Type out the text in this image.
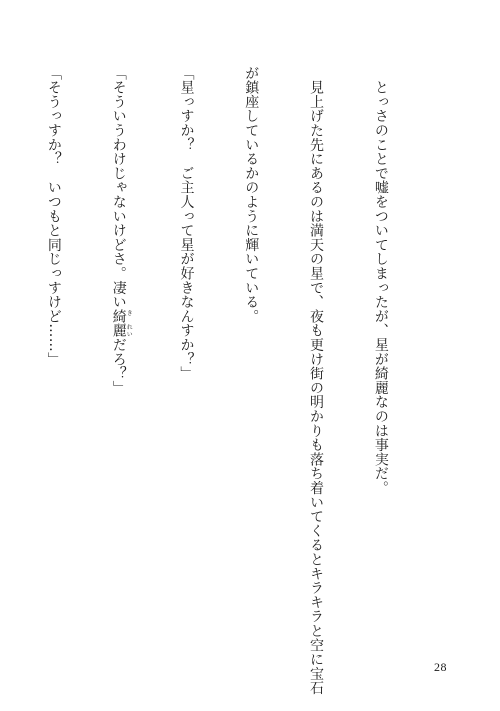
　とっさのことで嘘をついてしまったが、星が綺麗なのは事実だ。

　見上げた先にあるのは満天の星で、夜も更け街の明かりも落ち着いてくるとキラキラと空に宝石

が鎮座しているかのように輝いている。

「星っすか？　ご主人って星が好きなんすか？」

「そういうわけじゃないけどさ。凄い綺麗き　れいだろ？」

「そうっすか？　いつもと同じっすけど……」

28
